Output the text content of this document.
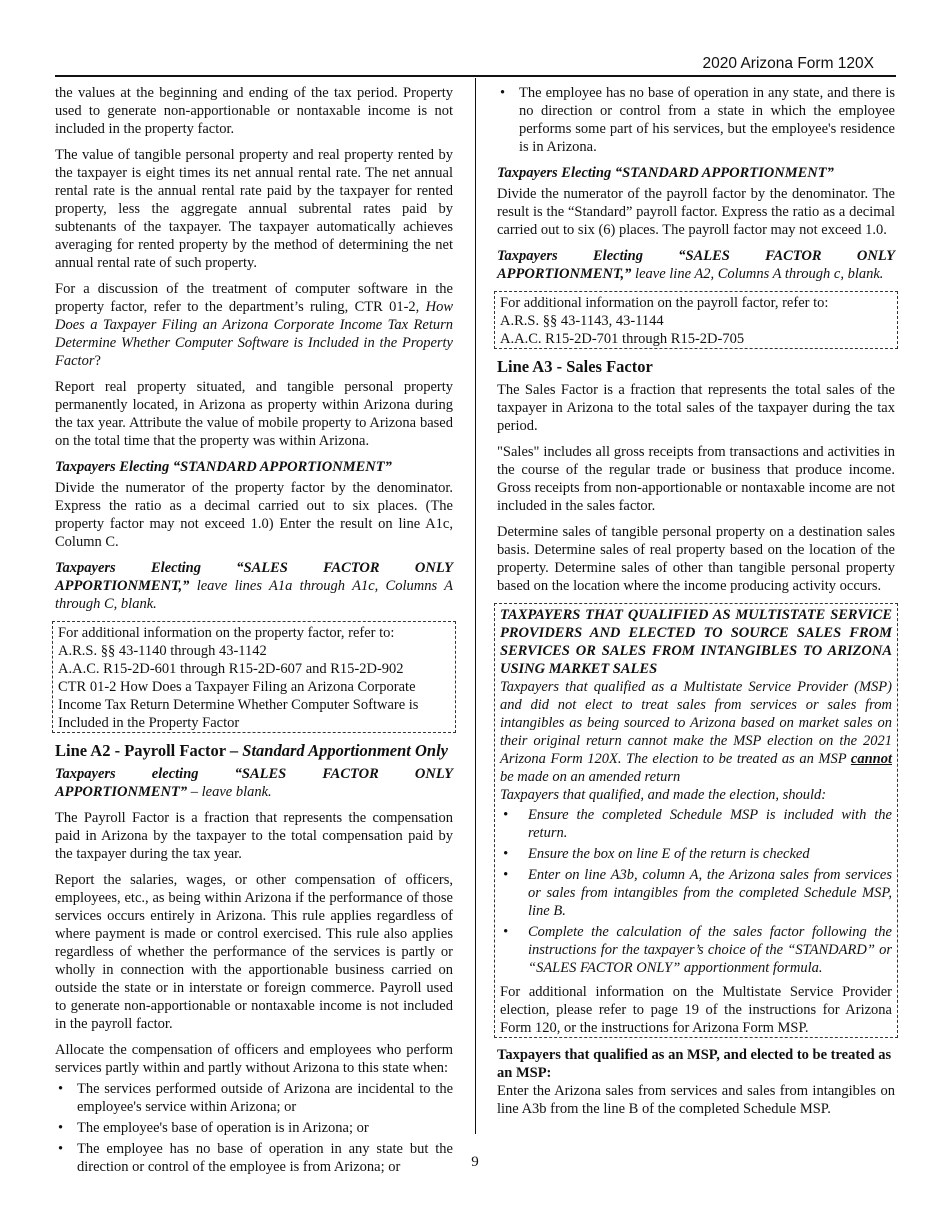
2020 Arizona Form 120X

the values at the beginning and ending of the tax period. Property used to generate non-apportionable or nontaxable income is not included in the property factor.

The value of tangible personal property and real property rented by the taxpayer is eight times its net annual rental rate. The net annual rental rate is the annual rental rate paid by the taxpayer for rented property, less the aggregate annual subrental rates paid by subtenants of the taxpayer. The taxpayer automatically achieves averaging for rented property by the method of determining the net annual rental rate of such property.

For a discussion of the treatment of computer software in the property factor, refer to the department’s ruling, CTR 01-2, How Does a Taxpayer Filing an Arizona Corporate Income Tax Return Determine Whether Computer Software is Included in the Property Factor?

Report real property situated, and tangible personal property permanently located, in Arizona as property within Arizona during the tax year. Attribute the value of mobile property to Arizona based on the total time that the property was within Arizona.

Taxpayers Electing “STANDARD APPORTIONMENT”

Divide the numerator of the property factor by the denominator. Express the ratio as a decimal carried out to six places. (The property factor may not exceed 1.0) Enter the result on line A1c, Column C.

Taxpayers Electing “SALES FACTOR ONLY APPORTIONMENT,” leave lines A1a through A1c, Columns A through C, blank.

For additional information on the property factor, refer to:
A.R.S. §§ 43-1140 through 43-1142
A.A.C. R15-2D-601 through R15-2D-607 and R15-2D-902
CTR 01-2 How Does a Taxpayer Filing an Arizona Corporate Income Tax Return Determine Whether Computer Software is Included in the Property Factor
Line A2 - Payroll Factor – Standard Apportionment Only

Taxpayers electing “SALES FACTOR ONLY APPORTIONMENT” – leave blank.

The Payroll Factor is a fraction that represents the compensation paid in Arizona by the taxpayer to the total compensation paid by the taxpayer during the tax year.

Report the salaries, wages, or other compensation of officers, employees, etc., as being within Arizona if the performance of those services occurs entirely in Arizona. This rule applies regardless of where payment is made or control exercised. This rule also applies regardless of whether the performance of the services is partly or wholly in connection with the apportionable business carried on outside the state or in interstate or foreign commerce. Payroll used to generate non-apportionable or nontaxable income is not included in the payroll factor.

Allocate the compensation of officers and employees who perform services partly within and partly without Arizona to this state when:

• The services performed outside of Arizona are incidental to the employee's service within Arizona; or
• The employee's base of operation is in Arizona; or
• The employee has no base of operation in any state but the direction or control of the employee is from Arizona; or
• The employee has no base of operation in any state, and there is no direction or control from a state in which the employee performs some part of his services, but the employee's residence is in Arizona.

Taxpayers Electing “STANDARD APPORTIONMENT”

Divide the numerator of the payroll factor by the denominator. The result is the “Standard” payroll factor. Express the ratio as a decimal carried out to six (6) places. The payroll factor may not exceed 1.0.

Taxpayers Electing “SALES FACTOR ONLY APPORTIONMENT,” leave line A2, Columns A through c, blank.

For additional information on the payroll factor, refer to:
A.R.S. §§ 43-1143, 43-1144
A.A.C. R15-2D-701 through R15-2D-705
Line A3 - Sales Factor

The Sales Factor is a fraction that represents the total sales of the taxpayer in Arizona to the total sales of the taxpayer during the tax period.

"Sales" includes all gross receipts from transactions and activities in the course of the regular trade or business that produce income. Gross receipts from non-apportionable or nontaxable income are not included in the sales factor.

Determine sales of tangible personal property on a destination sales basis. Determine sales of real property based on the location of the property. Determine sales of other than tangible personal property based on the location where the income producing activity occurs.

TAXPAYERS THAT QUALIFIED AS MULTISTATE SERVICE PROVIDERS AND ELECTED TO SOURCE SALES FROM SERVICES OR SALES FROM INTANGIBLES TO ARIZONA USING MARKET SALES

Taxpayers that qualified as a Multistate Service Provider (MSP) and did not elect to treat sales from services or sales from intangibles as being sourced to Arizona based on market sales on their original return cannot make the MSP election on the 2021 Arizona Form 120X. The election to be treated as an MSP cannot be made on an amended return

Taxpayers that qualified, and made the election, should:

• Ensure the completed Schedule MSP is included with the return.
• Ensure the box on line E of the return is checked
• Enter on line A3b, column A, the Arizona sales from services or sales from intangibles from the completed Schedule MSP, line B.
• Complete the calculation of the sales factor following the instructions for the taxpayer’s choice of the “STANDARD” or “SALES FACTOR ONLY” apportionment formula.

For additional information on the Multistate Service Provider election, please refer to page 19 of the instructions for Arizona Form 120, or the instructions for Arizona Form MSP.

Taxpayers that qualified as an MSP, and elected to be treated as an MSP:

Enter the Arizona sales from services and sales from intangibles on line A3b from the line B of the completed Schedule MSP.

9
